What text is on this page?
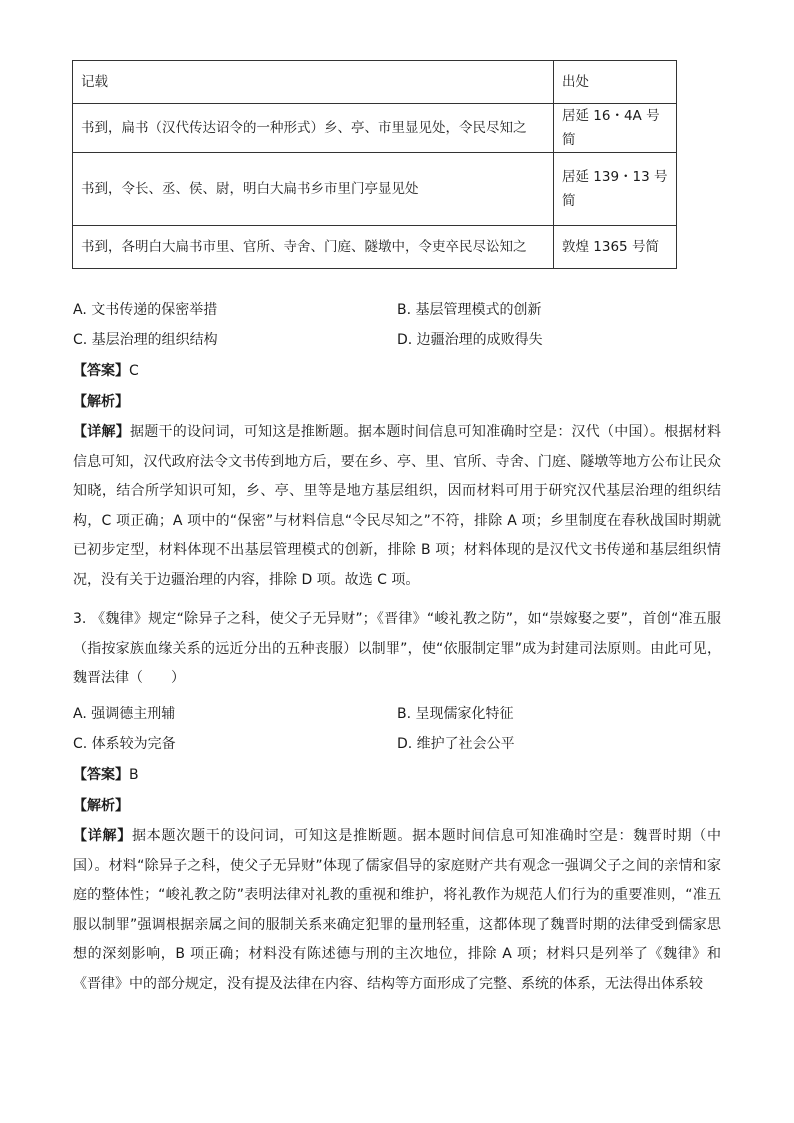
记载	出处
书到，扁书（汉代传达诏令的一种形式）乡、亭、市里显见处，令民尽知之	居延 16・4A 号简
书到，令长、丞、侯、尉，明白大扁书乡市里门亭显见处	居延 139・13 号简
书到，各明白大扁书市里、官所、寺舍、门庭、隧墩中，令吏卒民尽讼知之	敦煌 1365 号简
A. 文书传递的保密举措	B. 基层管理模式的创新
C. 基层治理的组织结构	D. 边疆治理的成败得失
【答案】C
【解析】
【详解】据题干的设问词，可知这是推断题。据本题时间信息可知准确时空是：汉代（中国）。根据材料信息可知，汉代政府法令文书传到地方后，要在乡、亭、里、官所、寺舍、门庭、隧墩等地方公布让民众知晓，结合所学知识可知，乡、亭、里等是地方基层组织，因而材料可用于研究汉代基层治理的组织结构，C 项正确；A 项中的“保密”与材料信息“令民尽知之”不符，排除 A 项；乡里制度在春秋战国时期就已初步定型，材料体现不出基层管理模式的创新，排除 B 项；材料体现的是汉代文书传递和基层组织情况，没有关于边疆治理的内容，排除 D 项。故选 C 项。
3. 《魏律》规定“除异子之科，使父子无异财”；《晋律》“峻礼教之防”，如“崇嫁娶之要”，首创“准五服（指按家族血缘关系的远近分出的五种丧服）以制罪”，使“依服制定罪”成为封建司法原则。由此可见，魏晋法律（　　）
A. 强调德主刑辅	B. 呈现儒家化特征
C. 体系较为完备	D. 维护了社会公平
【答案】B
【解析】
【详解】据本题次题干的设问词，可知这是推断题。据本题时间信息可知准确时空是：魏晋时期（中国）。材料“除异子之科，使父子无异财”体现了儒家倡导的家庭财产共有观念一强调父子之间的亲情和家庭的整体性；“峻礼教之防”表明法律对礼教的重视和维护，将礼教作为规范人们行为的重要准则，“准五服以制罪”强调根据亲属之间的服制关系来确定犯罪的量刑轻重，这都体现了魏晋时期的法律受到儒家思想的深刻影响，B 项正确；材料没有陈述德与刑的主次地位，排除 A 项；材料只是列举了《魏律》和《晋律》中的部分规定，没有提及法律在内容、结构等方面形成了完整、系统的体系，无法得出体系较
